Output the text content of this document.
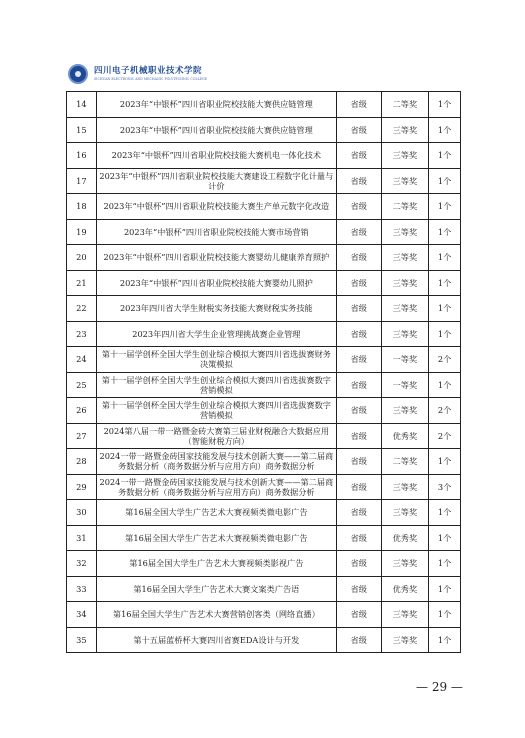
四川电子机械职业技术学院
SICHUAN ELECTRONIC AND MECHANIC POLYTECHNIC COLLEGE
14	2023年“中银杯”四川省职业院校技能大赛供应链管理	省级	二等奖	1个
15	2023年“中银杯”四川省职业院校技能大赛供应链管理	省级	三等奖	1个
16	2023年“中银杯”四川省职业院校技能大赛机电一体化技术	省级	三等奖	1个
17	2023年“中银杯”四川省职业院校技能大赛建设工程数字化计量与计价	省级	三等奖	1个
18	2023年“中银杯”四川省职业院校技能大赛生产单元数字化改造	省级	二等奖	1个
19	2023年“中银杯”四川省职业院校技能大赛市场营销	省级	三等奖	1个
20	2023年“中银杯”四川省职业院校技能大赛婴幼儿健康养育照护	省级	三等奖	1个
21	2023年“中银杯”四川省职业院校技能大赛婴幼儿照护	省级	三等奖	1个
22	2023年四川省大学生财税实务技能大赛财税实务技能	省级	三等奖	1个
23	2023年四川省大学生企业管理挑战赛企业管理	省级	三等奖	1个
24	第十一届学创杯全国大学生创业综合模拟大赛四川省选拔赛财务决策模拟	省级	一等奖	2个
25	第十一届学创杯全国大学生创业综合模拟大赛四川省选拔赛数字营销模拟	省级	一等奖	1个
26	第十一届学创杯全国大学生创业综合模拟大赛四川省选拔赛数字营销模拟	省级	三等奖	2个
27	2024第八届一带一路暨金砖大赛第三届业财税融合大数据应用（智能财税方向）	省级	优秀奖	2个
28	2024一带一路暨金砖国家技能发展与技术创新大赛——第二届商务数据分析（商务数据分析与应用方向）商务数据分析	省级	二等奖	1个
29	2024一带一路暨金砖国家技能发展与技术创新大赛——第二届商务数据分析（商务数据分析与应用方向）商务数据分析	省级	三等奖	3个
30	第16届全国大学生广告艺术大赛视频类微电影广告	省级	三等奖	1个
31	第16届全国大学生广告艺术大赛视频类微电影广告	省级	优秀奖	1个
32	第16届全国大学生广告艺术大赛视频类影视广告	省级	三等奖	1个
33	第16届全国大学生广告艺术大赛文案类广告语	省级	优秀奖	1个
34	第16届全国大学生广告艺术大赛营销创客类（网络直播）	省级	三等奖	1个
35	第十五届蓝桥杯大赛四川省赛EDA设计与开发	省级	三等奖	1个
— 29 —
